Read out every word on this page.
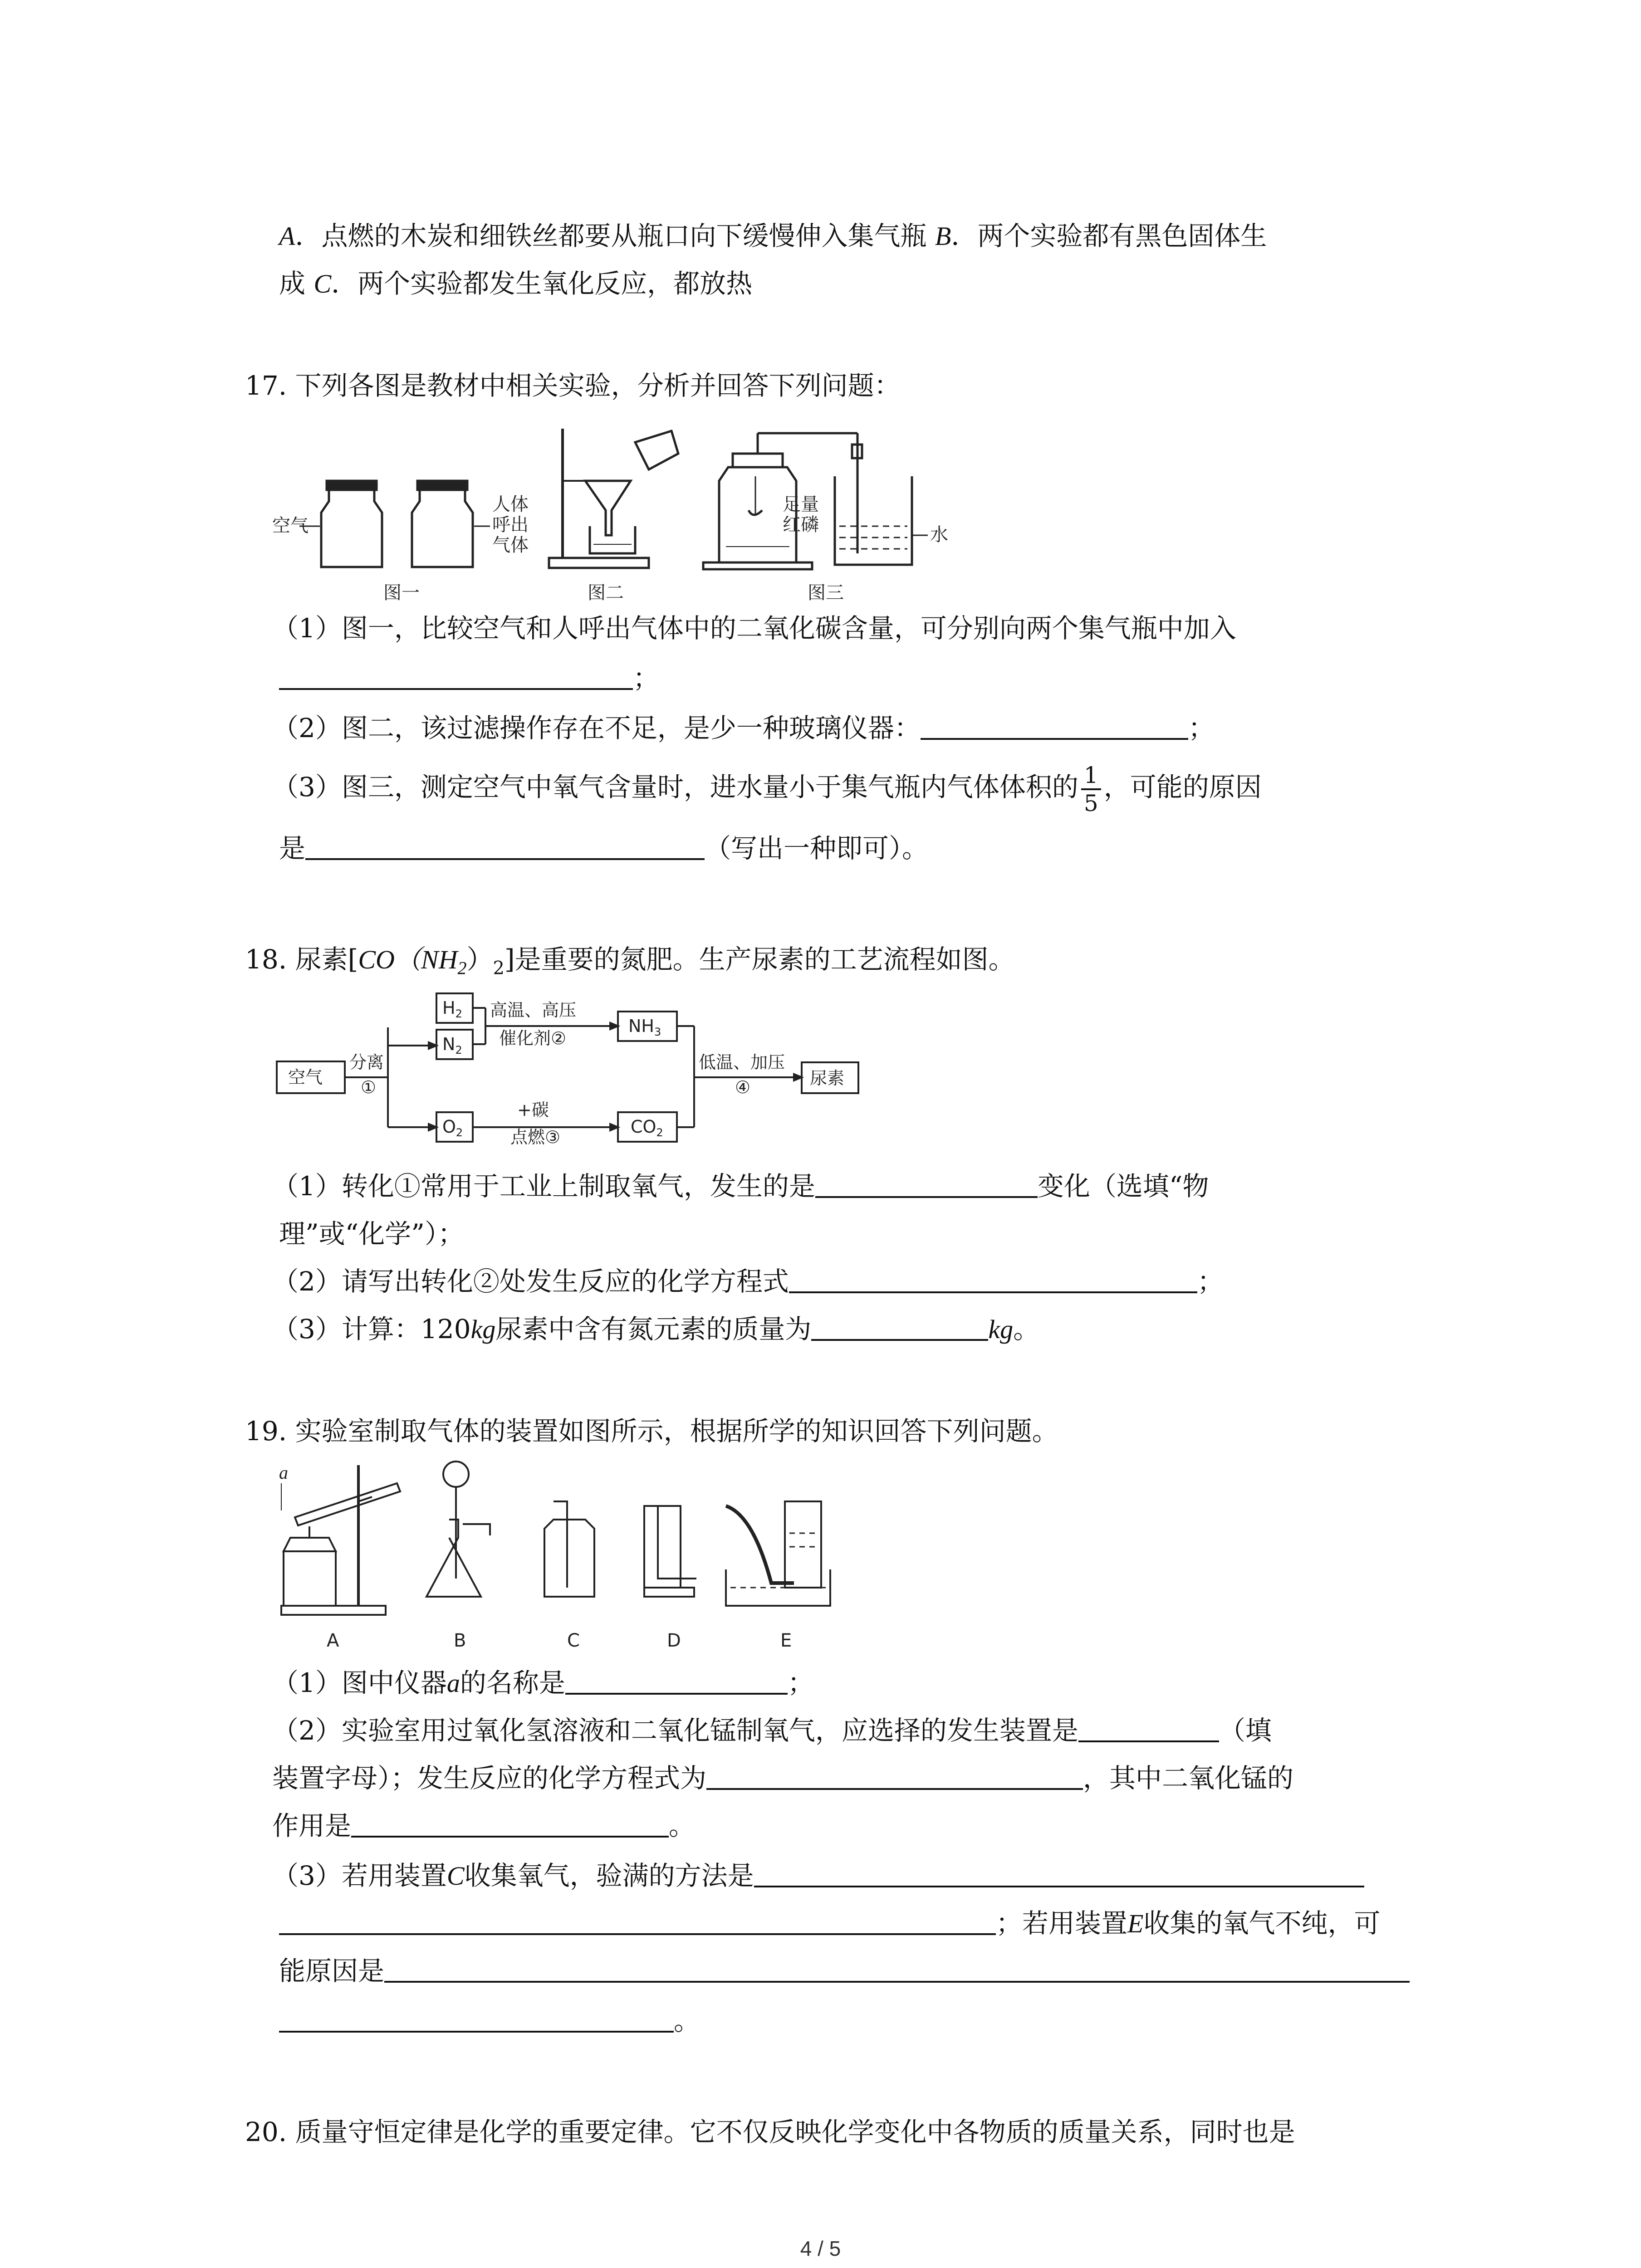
A．点燃的木炭和细铁丝都要从瓶口向下缓慢伸入集气瓶 B．两个实验都有黑色固体生
成 C．两个实验都发生氧化反应，都放热
17. 下列各图是教材中相关实验，分析并回答下列问题：
空气
人体
呼出
气体
足量
红磷	水
图一	图二	图三
（1）图一，比较空气和人呼出气体中的二氧化碳含量，可分别向两个集气瓶中加入
；
（2）图二，该过滤操作存在不足，是少一种玻璃仪器：	；
（3）图三，测定空气中氧气含量时，进水量小于集气瓶内气体体积的 $\frac{1}{5}$ ，可能的原因
是	（写出一种即可）。
18. 尿素$[CO(NH_2)_2]$是重要的氮肥。生产尿素的工艺流程如图。
空气
分离
①
$H_2$
$N_2$
$O_2$
高温、高压
催化剂②
$NH_3$
+碳
点燃③
$CO_2$
低温、加压
④	尿素
（1）转化①常用于工业上制取氧气，发生的是	变化（选填“物
理”或“化学”）；
（2）请写出转化②处发生反应的化学方程式	；
（3）计算：120kg尿素中含有氮元素的质量为	kg。
19. 实验室制取气体的装置如图所示，根据所学的知识回答下列问题。
a
A	B	C	D	E
（1）图中仪器a的名称是	；
（2）实验室用过氧化氢溶液和二氧化锰制氧气，应选择的发生装置是	（填
装置字母）；发生反应的化学方程式为	，其中二氧化锰的
作用是	。
（3）若用装置C收集氧气，验满的方法是
；若用装置E收集的氧气不纯，可
能原因是
。
20. 质量守恒定律是化学的重要定律。它不仅反映化学变化中各物质的质量关系，同时也是
4 / 5
